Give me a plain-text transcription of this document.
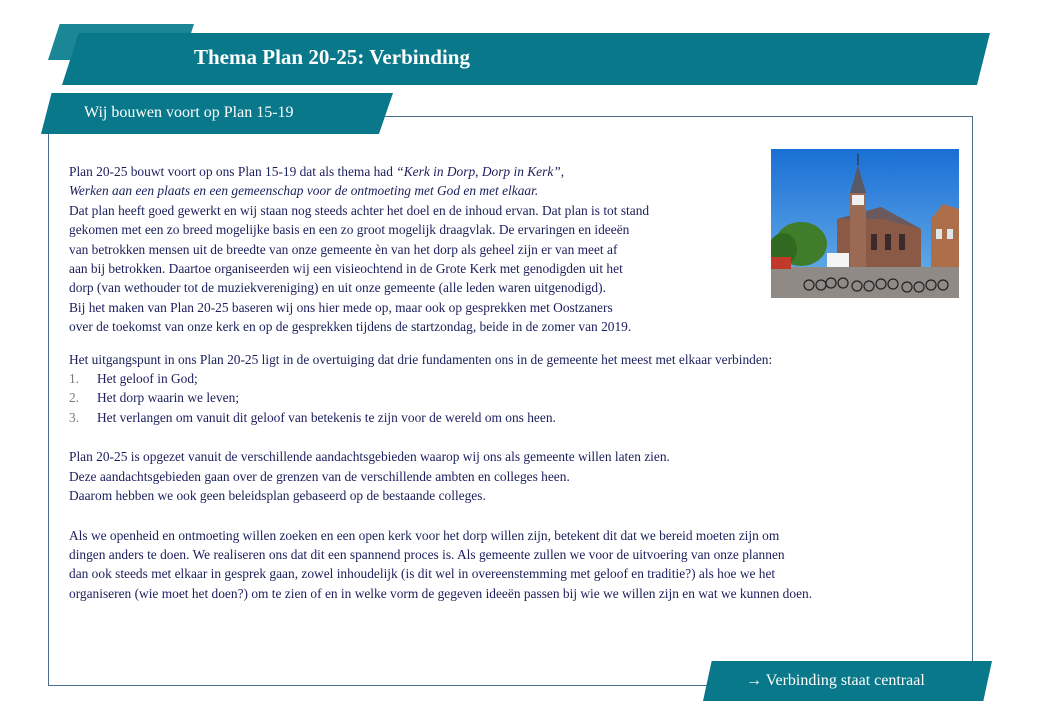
Thema Plan 20-25: Verbinding
Wij bouwen voort op Plan 15-19

Plan 20-25 bouwt voort op ons Plan 15-19 dat als thema had “Kerk in Dorp, Dorp in Kerk”,

Werken aan een plaats en een gemeenschap voor de ontmoeting met God en met elkaar.

Dat plan heeft goed gewerkt en wij staan nog steeds achter het doel en de inhoud ervan. Dat plan is tot stand

gekomen met een zo breed mogelijke basis en een zo groot mogelijk draagvlak. De ervaringen en ideeën

van betrokken mensen uit de breedte van onze gemeente èn van het dorp als geheel zijn er van meet af

aan bij betrokken. Daartoe organiseerden wij een visieochtend in de Grote Kerk met genodigden uit het

dorp (van wethouder tot de muziekvereniging) en uit onze gemeente (alle leden waren uitgenodigd).

Bij het maken van Plan 20-25 baseren wij ons hier mede op, maar ook op gesprekken met Oostzaners

over de toekomst van onze kerk en op de gesprekken tijdens de startzondag, beide in de zomer van 2019.

Het uitgangspunt in ons Plan 20-25 ligt in de overtuiging dat drie fundamenten ons in de gemeente het meest met elkaar verbinden:

1.	Het geloof in God;
2.	Het dorp waarin we leven;
3.	Het verlangen om vanuit dit geloof van betekenis te zijn voor de wereld om ons heen.

Plan 20-25 is opgezet vanuit de verschillende aandachtsgebieden waarop wij ons als gemeente willen laten zien.

Deze aandachtsgebieden gaan over de grenzen van de verschillende ambten en colleges heen.

Daarom hebben we ook geen beleidsplan gebaseerd op de bestaande colleges.

Als we openheid en ontmoeting willen zoeken en een open kerk voor het dorp willen zijn, betekent dit dat we bereid moeten zijn om

dingen anders te doen. We realiseren ons dat dit een spannend proces is. Als gemeente zullen we voor de uitvoering van onze plannen

dan ook steeds met elkaar in gesprek gaan, zowel inhoudelijk (is dit wel in overeenstemming met geloof en traditie?) als hoe we het

organiseren (wie moet het doen?) om te zien of en in welke vorm de gegeven ideeën passen bij wie we willen zijn en wat we kunnen doen.

→ Verbinding staat centraal
